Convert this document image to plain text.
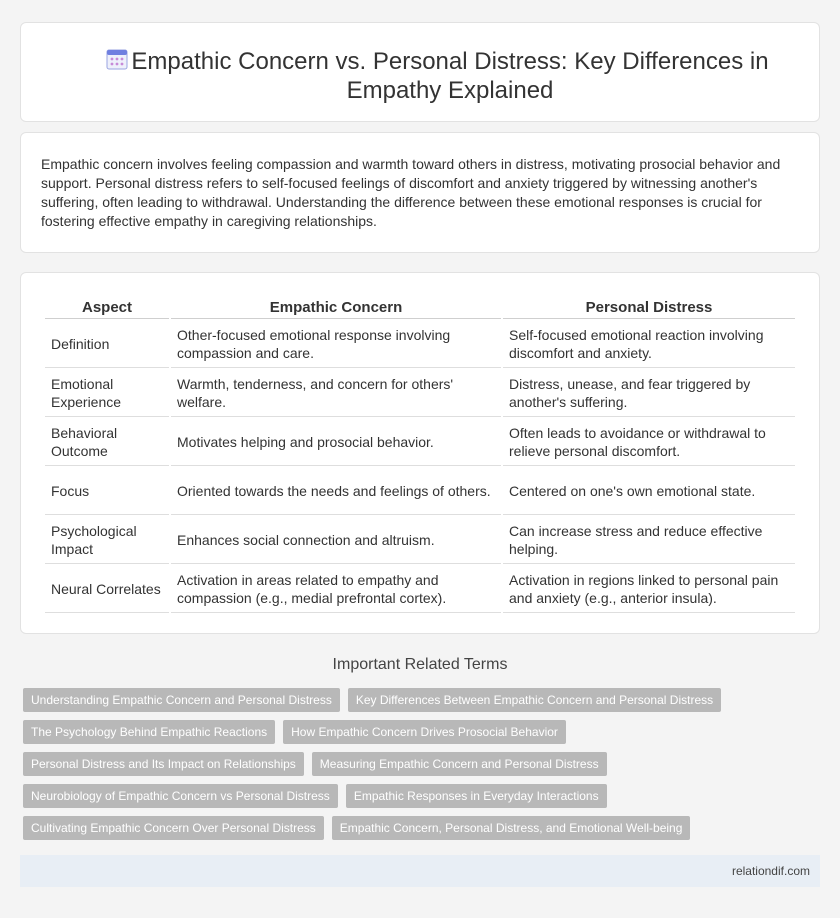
Empathic Concern vs. Personal Distress: Key Differences in Empathy Explained

Empathic concern involves feeling compassion and warmth toward others in distress, motivating prosocial behavior and support. Personal distress refers to self-focused feelings of discomfort and anxiety triggered by witnessing another's suffering, often leading to withdrawal. Understanding the difference between these emotional responses is crucial for fostering effective empathy in caregiving relationships.

Aspect	Empathic Concern	Personal Distress
Definition	Other-focused emotional response involving compassion and care.	Self-focused emotional reaction involving discomfort and anxiety.
Emotional Experience	Warmth, tenderness, and concern for others' welfare.	Distress, unease, and fear triggered by another's suffering.
Behavioral Outcome	Motivates helping and prosocial behavior.	Often leads to avoidance or withdrawal to relieve personal discomfort.
Focus	Oriented towards the needs and feelings of others.	Centered on one's own emotional state.
Psychological Impact	Enhances social connection and altruism.	Can increase stress and reduce effective helping.
Neural Correlates	Activation in areas related to empathy and compassion (e.g., medial prefrontal cortex).	Activation in regions linked to personal pain and anxiety (e.g., anterior insula).
Important Related Terms
Understanding Empathic Concern and Personal Distress	Key Differences Between Empathic Concern and Personal Distress
The Psychology Behind Empathic Reactions	How Empathic Concern Drives Prosocial Behavior
Personal Distress and Its Impact on Relationships	Measuring Empathic Concern and Personal Distress
Neurobiology of Empathic Concern vs Personal Distress	Empathic Responses in Everyday Interactions
Cultivating Empathic Concern Over Personal Distress	Empathic Concern, Personal Distress, and Emotional Well-being
relationdif.com
